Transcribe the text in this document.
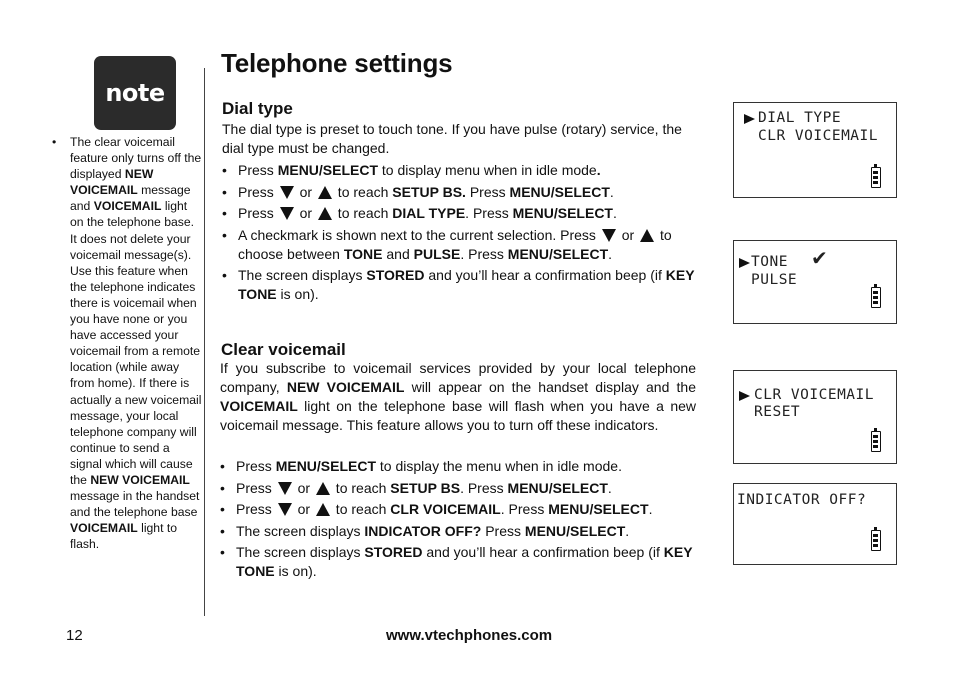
note
• The clear voicemail feature only turns off the displayed NEW VOICEMAIL message and VOICEMAIL light on the telephone base. It does not delete your voicemail message(s). Use this feature when the telephone indicates there is voicemail when you have none or you have accessed your voicemail from a remote location (while away from home). If there is actually a new voicemail message, your local telephone company will continue to send a signal which will cause the NEW VOICEMAIL message in the handset and the telephone base VOICEMAIL light to flash.
Telephone settings
Dial type
The dial type is preset to touch tone. If you have pulse (rotary) service, the dial type must be changed.
• Press MENU/SELECT to display menu when in idle mode.
• Press  or  to reach SETUP BS. Press MENU/SELECT.
• Press  or  to reach DIAL TYPE. Press MENU/SELECT.
• A checkmark is shown next to the current selection. Press  or  to choose between TONE and PULSE. Press MENU/SELECT.
• The screen displays STORED and you’ll hear a confirmation beep (if KEY TONE is on).
Clear voicemail
If you subscribe to voicemail services provided by your local telephone company, NEW VOICEMAIL will appear on the handset display and the VOICEMAIL light on the telephone base will flash when you have a new voicemail message. This feature allows you to turn off these indicators.
• Press MENU/SELECT to display the menu when in idle mode.
• Press  or  to reach SETUP BS. Press MENU/SELECT.
• Press  or  to reach CLR VOICEMAIL. Press MENU/SELECT.
• The screen displays INDICATOR OFF? Press MENU/SELECT.
• The screen displays STORED and you’ll hear a confirmation beep (if KEY TONE is on).
DIAL TYPE
CLR VOICEMAIL
TONE ✔
PULSE
CLR VOICEMAIL
RESET
INDICATOR OFF?
12	www.vtechphones.com
